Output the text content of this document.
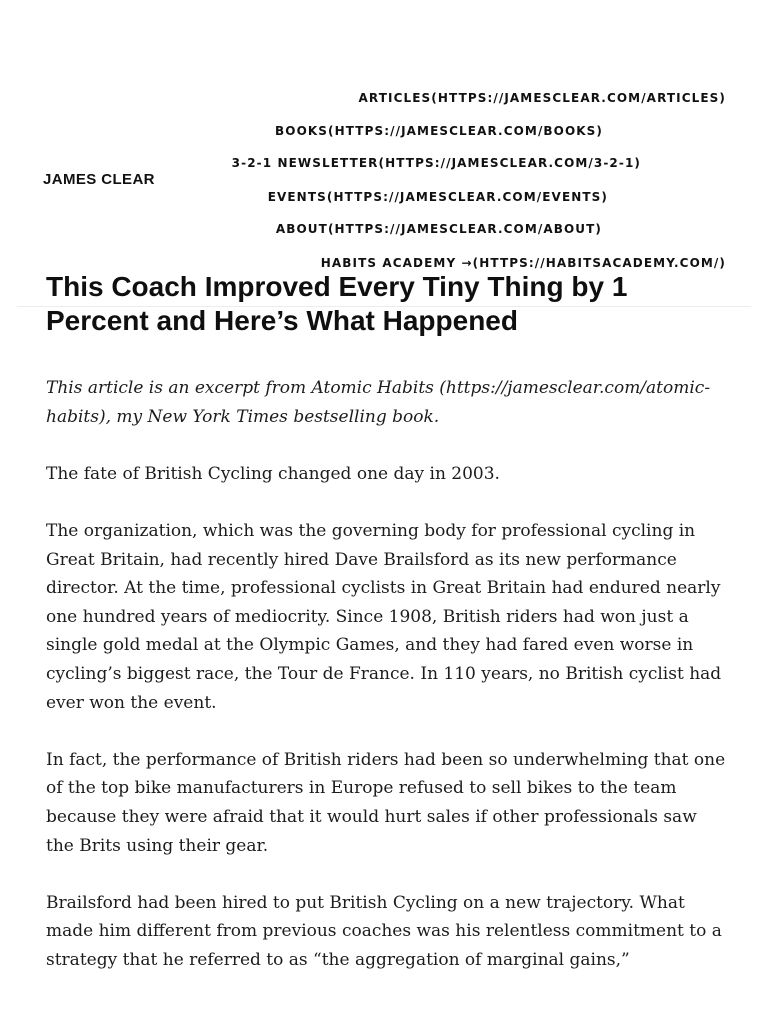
JAMES CLEAR
ARTICLES(HTTPS://JAMESCLEAR.COM/ARTICLES)
BOOKS(HTTPS://JAMESCLEAR.COM/BOOKS)
3-2-1 NEWSLETTER(HTTPS://JAMESCLEAR.COM/3-2-1)
EVENTS(HTTPS://JAMESCLEAR.COM/EVENTS)
ABOUT(HTTPS://JAMESCLEAR.COM/ABOUT)
HABITS ACADEMY →(HTTPS://HABITSACADEMY.COM/)
This Coach Improved Every Tiny Thing by 1 Percent and Here’s What Happened

This article is an excerpt from Atomic Habits (https://jamesclear.com/atomic-habits), my New York Times bestselling book.

The fate of British Cycling changed one day in 2003.

The organization, which was the governing body for professional cycling in Great Britain, had recently hired Dave Brailsford as its new performance director. At the time, professional cyclists in Great Britain had endured nearly one hundred years of mediocrity. Since 1908, British riders had won just a single gold medal at the Olympic Games, and they had fared even worse in cycling’s biggest race, the Tour de France. In 110 years, no British cyclist had ever won the event.

In fact, the performance of British riders had been so underwhelming that one of the top bike manufacturers in Europe refused to sell bikes to the team because they were afraid that it would hurt sales if other professionals saw the Brits using their gear.

Brailsford had been hired to put British Cycling on a new trajectory. What made him different from previous coaches was his relentless commitment to a strategy that he referred to as “the aggregation of marginal gains,”
